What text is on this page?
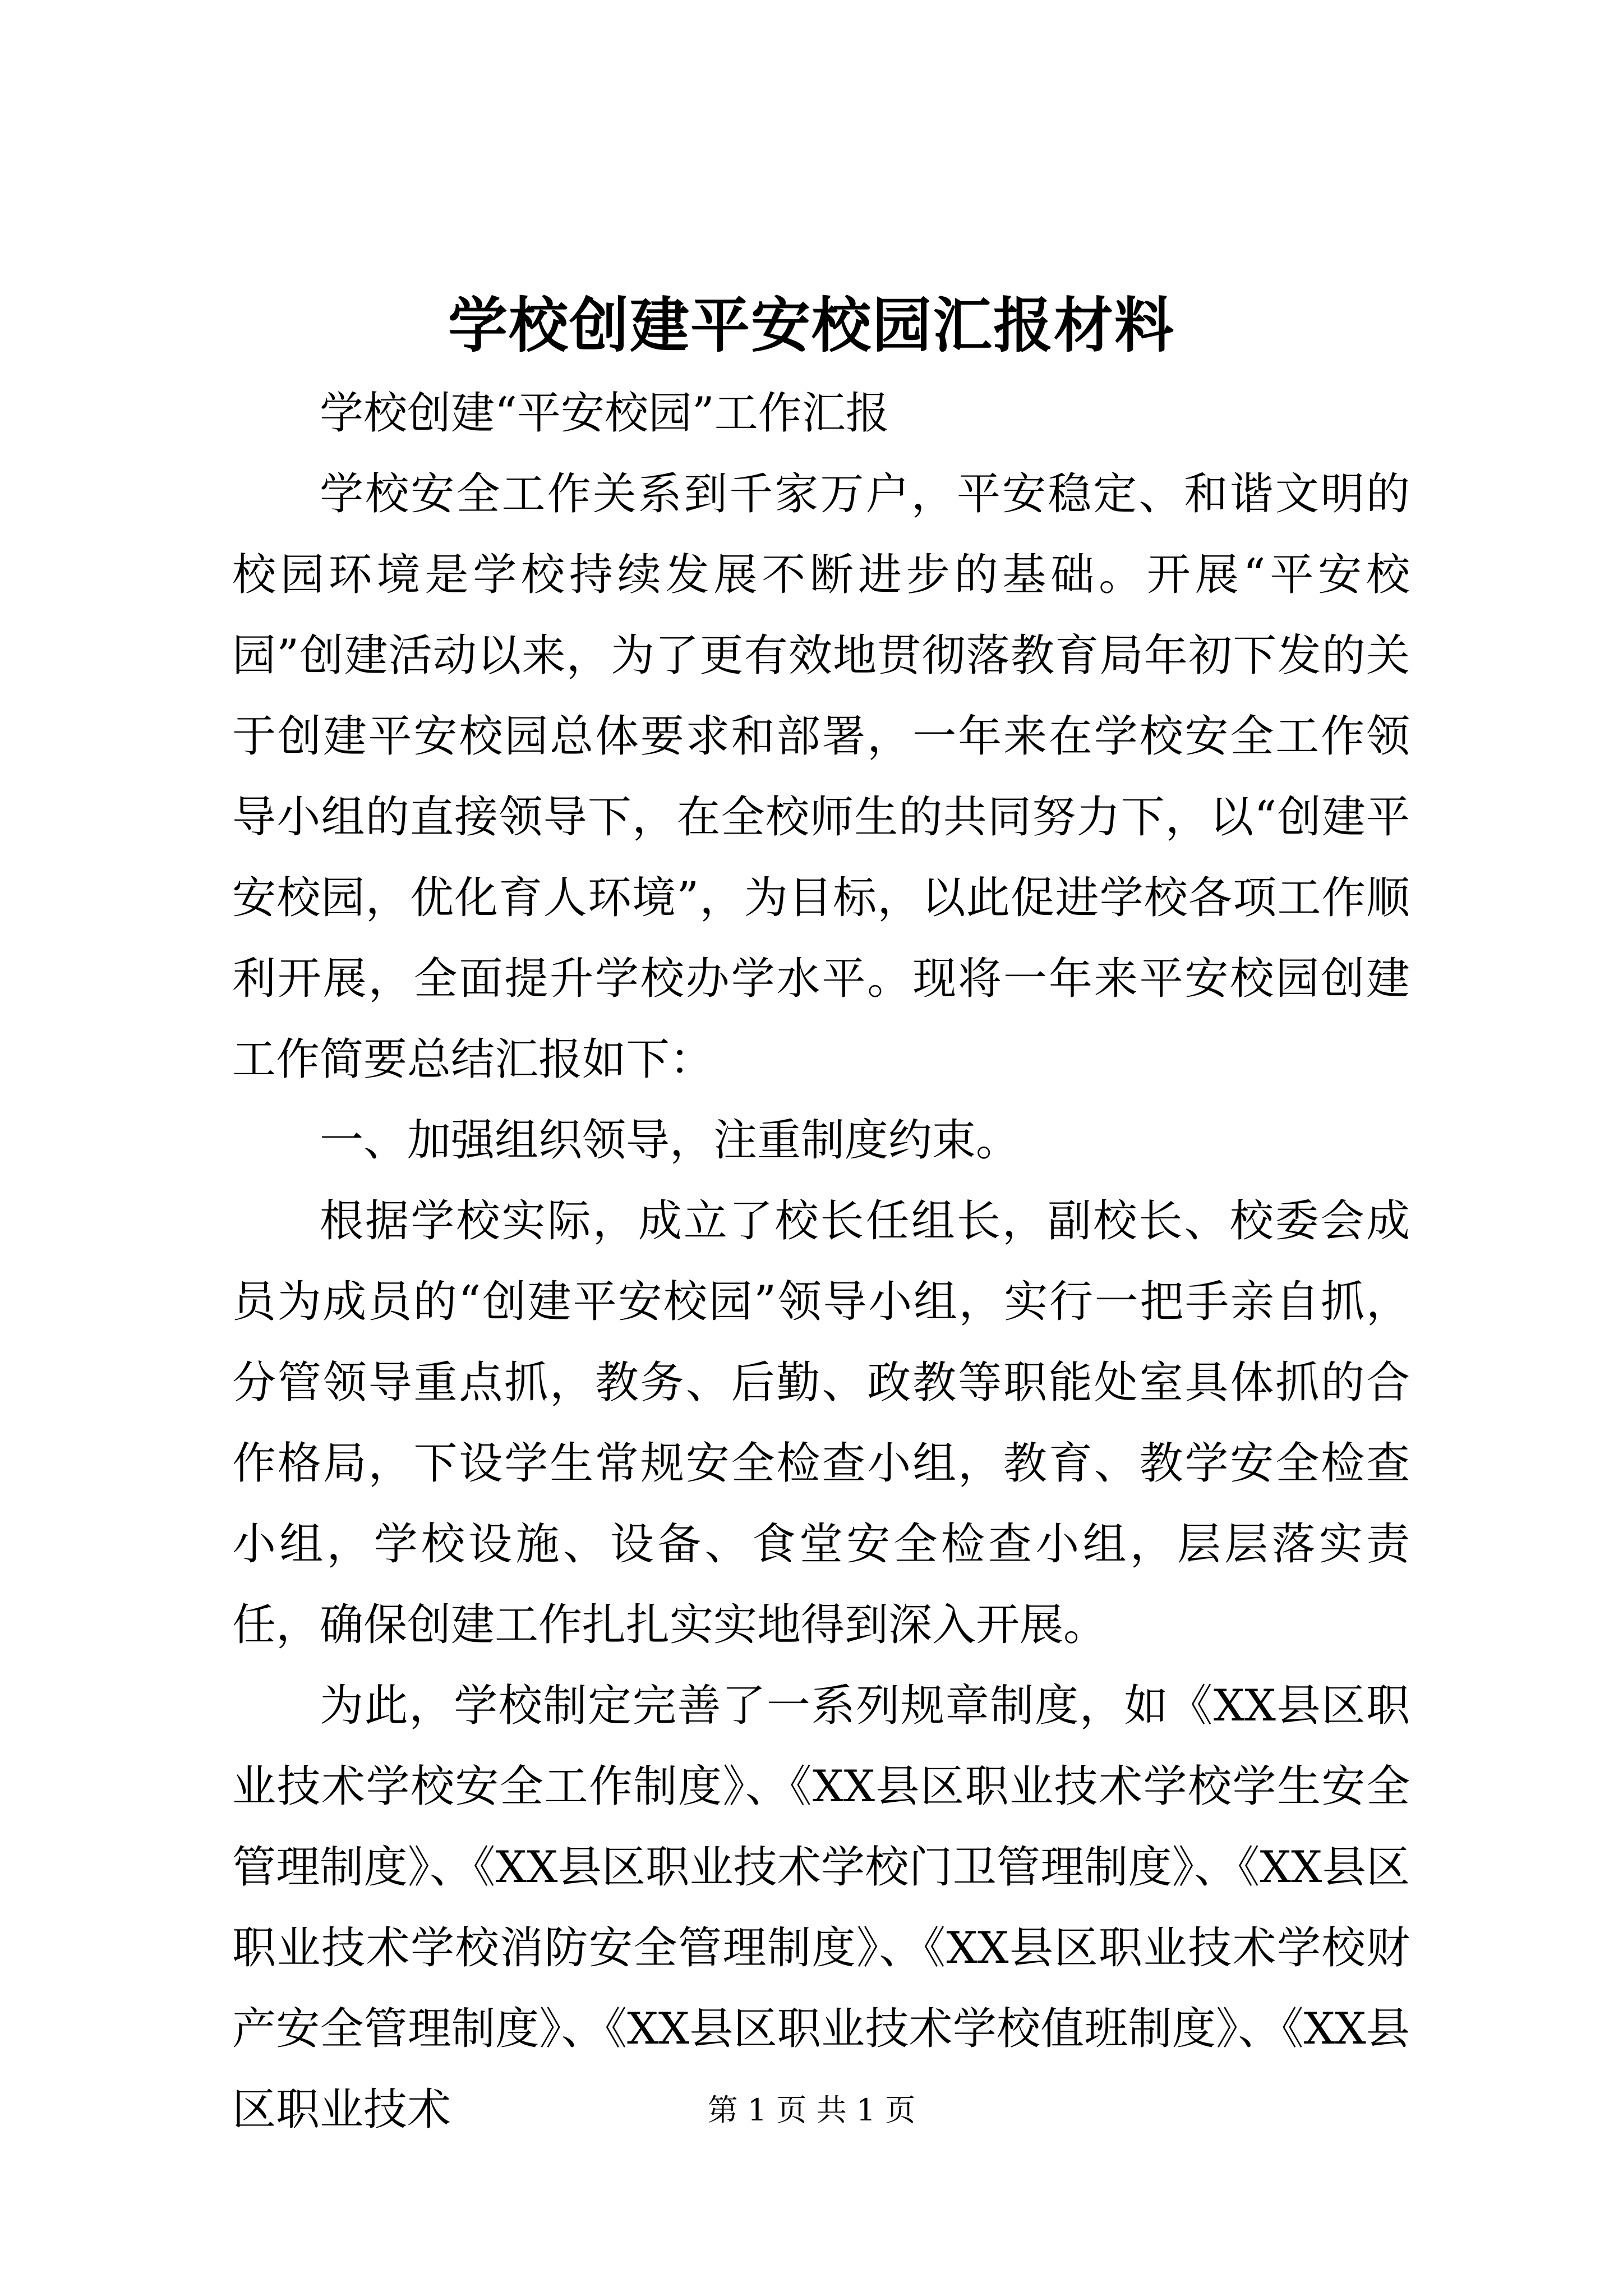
学校创建平安校园汇报材料

学校创建“平安校园”工作汇报

学校安全工作关系到千家万户，平安稳定、和谐文明的校园环境是学校持续发展不断进步的基础。开展“平安校园”创建活动以来，为了更有效地贯彻落教育局年初下发的关于创建平安校园总体要求和部署，一年来在学校安全工作领导小组的直接领导下，在全校师生的共同努力下，以“创建平安校园，优化育人环境”，为目标，以此促进学校各项工作顺利开展，全面提升学校办学水平。现将一年来平安校园创建工作简要总结汇报如下：

一、加强组织领导，注重制度约束。

根据学校实际，成立了校长任组长，副校长、校委会成员为成员的“创建平安校园”领导小组，实行一把手亲自抓，分管领导重点抓，教务、后勤、政教等职能处室具体抓的合作格局，下设学生常规安全检查小组，教育、教学安全检查小组，学校设施、设备、食堂安全检查小组，层层落实责任，确保创建工作扎扎实实地得到深入开展。

为此，学校制定完善了一系列规章制度，如《XX县区职业技术学校安全工作制度》、《XX县区职业技术学校学生安全管理制度》、《XX县区职业技术学校门卫管理制度》、《XX县区职业技术学校消防安全管理制度》、《XX县区职业技术学校财产安全管理制度》、《XX县区职业技术学校值班制度》、《XX县区职业技术	第 1 页 共 1 页
